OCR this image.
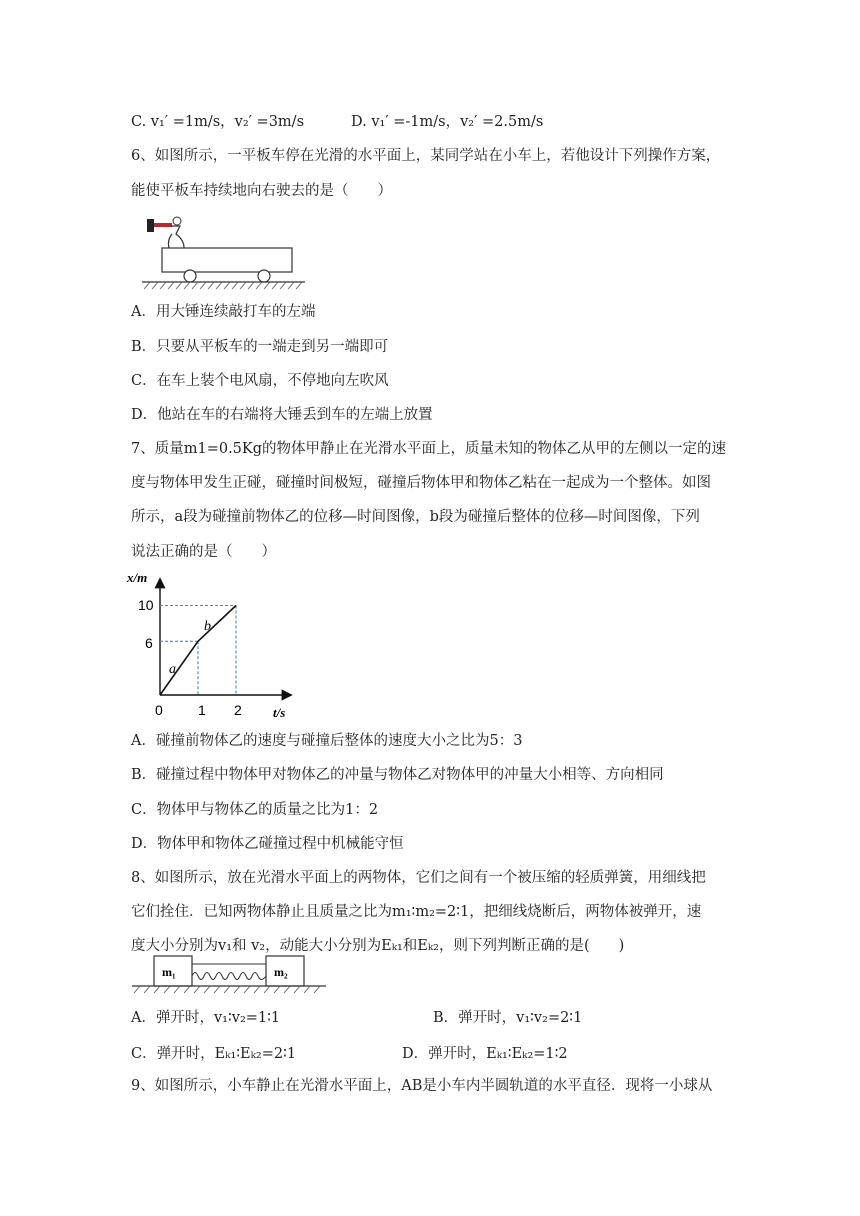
C. v₁′ =1m/s，v₂′ =3m/s	D. v₁′ =-1m/s，v₂′ =2.5m/s
6、如图所示，一平板车停在光滑的水平面上，某同学站在小车上，若他设计下列操作方案，
能使平板车持续地向右驶去的是（　　）
A．用大锤连续敲打车的左端
B．只要从平板车的一端走到另一端即可
C．在车上装个电风扇，不停地向左吹风
D．他站在车的右端将大锤丢到车的左端上放置
7、质量m1=0.5Kg的物体甲静止在光滑水平面上，质量未知的物体乙从甲的左侧以一定的速
度与物体甲发生正碰，碰撞时间极短，碰撞后物体甲和物体乙粘在一起成为一个整体。如图
所示，a段为碰撞前物体乙的位移—时间图像，b段为碰撞后整体的位移—时间图像，下列
说法正确的是（　　）
x/m
t/s
0
6
10
1 2
a
b
A．碰撞前物体乙的速度与碰撞后整体的速度大小之比为5：3
B．碰撞过程中物体甲对物体乙的冲量与物体乙对物体甲的冲量大小相等、方向相同
C．物体甲与物体乙的质量之比为1：2
D．物体甲和物体乙碰撞过程中机械能守恒
8、如图所示，放在光滑水平面上的两物体，它们之间有一个被压缩的轻质弹簧，用细线把
它们拴住．已知两物体静止且质量之比为m₁∶m₂=2∶1，把细线烧断后，两物体被弹开，速
度大小分别为v₁和 v₂，动能大小分别为Eₖ₁和Eₖ₂，则下列判断正确的是(　　)
m₁	m₂
A．弹开时，v₁∶v₂=1∶1	B．弹开时，v₁∶v₂=2∶1
C．弹开时，Eₖ₁∶Eₖ₂=2∶1	D．弹开时，Eₖ₁∶Eₖ₂=1∶2
9、如图所示，小车静止在光滑水平面上，AB是小车内半圆轨道的水平直径．现将一小球从
